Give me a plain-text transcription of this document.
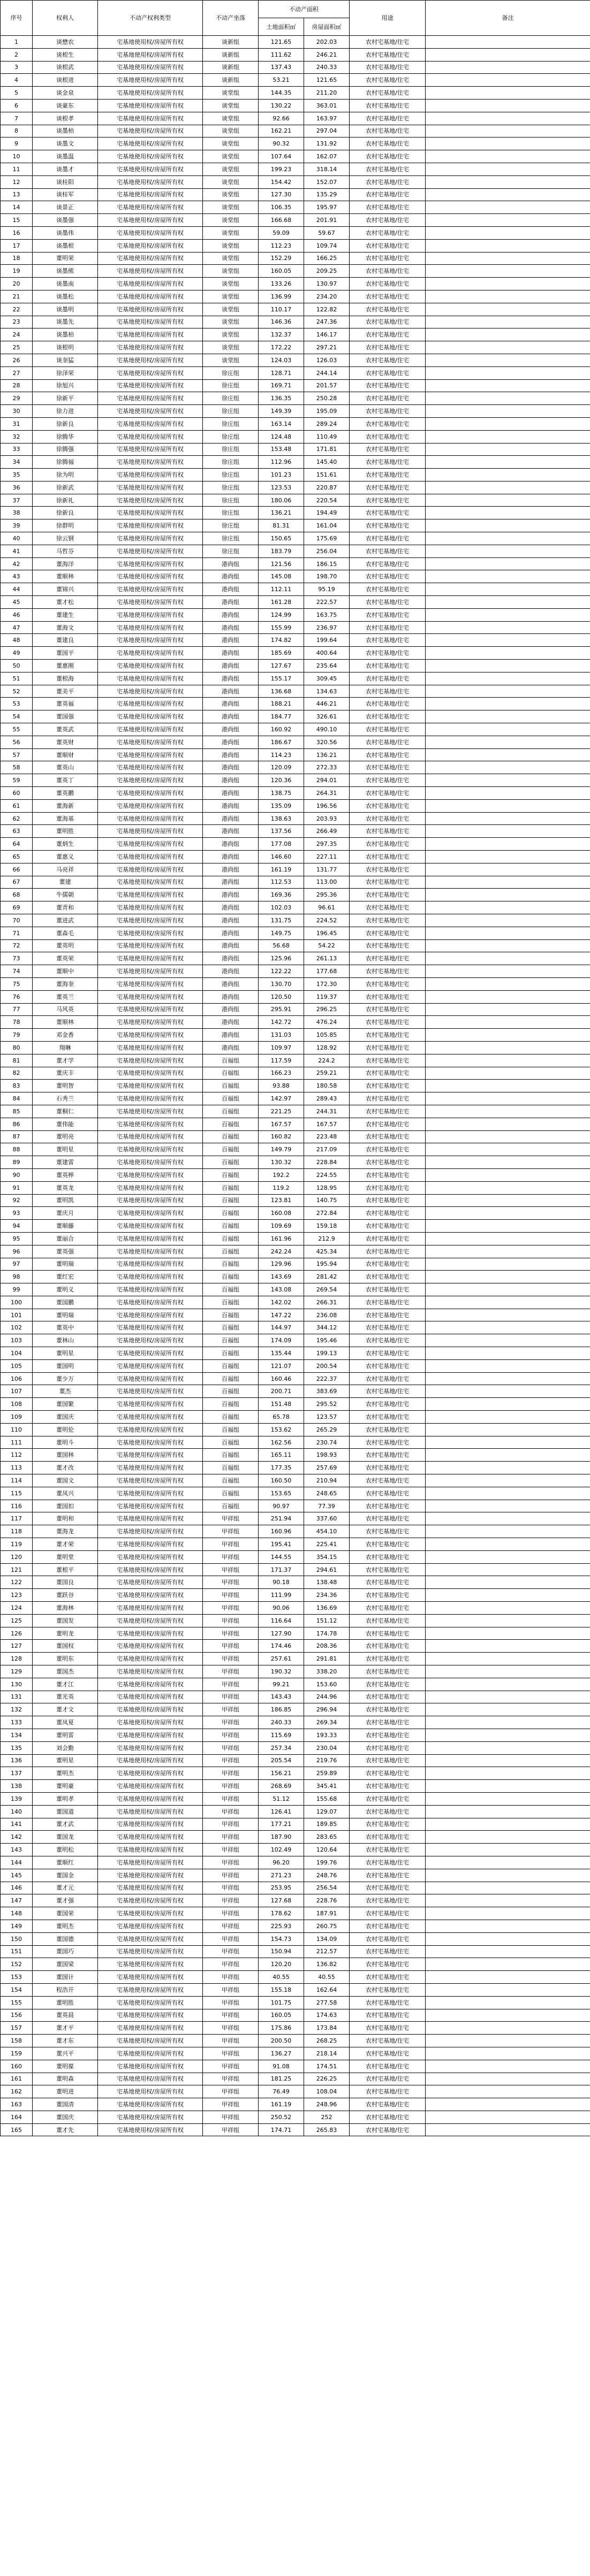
序号	权利人	不动产权利类型	不动产坐落	不动产面积		用途	备注
				土地面积㎡	房屋面积㎡		
1	谈懋农	宅基地使用权/房屋所有权	谈新组	121.65	202.03	农村宅基地/住宅	
2	谈根生	宅基地使用权/房屋所有权	谈新组	111.62	246.21	农村宅基地/住宅	
3	谈根武	宅基地使用权/房屋所有权	谈新组	137.43	240.33	农村宅基地/住宅	
4	谈根进	宅基地使用权/房屋所有权	谈新组	53.21	121.65	农村宅基地/住宅	
5	谈金泉	宅基地使用权/房屋所有权	谈堂组	144.35	211.20	农村宅基地/住宅	
6	谈豪东	宅基地使用权/房屋所有权	谈堂组	130.22	363.01	农村宅基地/住宅	
7	谈根孝	宅基地使用权/房屋所有权	谈堂组	92.66	163.97	农村宅基地/住宅	
8	谈墨柏	宅基地使用权/房屋所有权	谈堂组	162.21	297.04	农村宅基地/住宅	
9	谈墨文	宅基地使用权/房屋所有权	谈堂组	90.32	131.92	农村宅基地/住宅	
10	谈墨温	宅基地使用权/房屋所有权	谈堂组	107.64	162.07	农村宅基地/住宅	
11	谈墨才	宅基地使用权/房屋所有权	谈堂组	199.23	318.14	农村宅基地/住宅	
12	谈桂阳	宅基地使用权/房屋所有权	谈堂组	154.42	152.07	农村宅基地/住宅	
13	谈桂军	宅基地使用权/房屋所有权	谈堂组	127.30	135.29	农村宅基地/住宅	
14	谈景正	宅基地使用权/房屋所有权	谈堂组	106.35	195.97	农村宅基地/住宅	
15	谈墨强	宅基地使用权/房屋所有权	谈堂组	166.68	201.91	农村宅基地/住宅	
16	谈墨伟	宅基地使用权/房屋所有权	谈堂组	59.09	59.67	农村宅基地/住宅	
17	谈墨根	宅基地使用权/房屋所有权	谈堂组	112.23	109.74	农村宅基地/住宅	
18	董明荣	宅基地使用权/房屋所有权	谈堂组	152.29	166.25	农村宅基地/住宅	
19	谈墨熊	宅基地使用权/房屋所有权	谈堂组	160.05	209.25	农村宅基地/住宅	
20	谈墨南	宅基地使用权/房屋所有权	谈堂组	133.26	130.97	农村宅基地/住宅	
21	谈墨松	宅基地使用权/房屋所有权	谈堂组	136.99	234.20	农村宅基地/住宅	
22	谈墨明	宅基地使用权/房屋所有权	谈堂组	110.17	122.82	农村宅基地/住宅	
23	谈墨先	宅基地使用权/房屋所有权	谈堂组	146.36	247.36	农村宅基地/住宅	
24	谈墨柏	宅基地使用权/房屋所有权	谈堂组	132.37	146.17	农村宅基地/住宅	
25	谈根明	宅基地使用权/房屋所有权	谈堂组	172.22	297.21	农村宅基地/住宅	
26	谈奎猛	宅基地使用权/房屋所有权	谈堂组	124.03	126.03	农村宅基地/住宅	
27	徐泽荣	宅基地使用权/房屋所有权	徐庄组	128.71	244.14	农村宅基地/住宅	
28	徐旭兴	宅基地使用权/房屋所有权	徐庄组	169.71	201.57	农村宅基地/住宅	
29	徐新平	宅基地使用权/房屋所有权	徐庄组	136.35	250.28	农村宅基地/住宅	
30	徐力进	宅基地使用权/房屋所有权	徐庄组	149.39	195.09	农村宅基地/住宅	
31	徐新良	宅基地使用权/房屋所有权	徐庄组	163.14	289.24	农村宅基地/住宅	
32	徐腾华	宅基地使用权/房屋所有权	徐庄组	124.48	110.49	农村宅基地/住宅	
33	徐腾强	宅基地使用权/房屋所有权	徐庄组	153.48	171.81	农村宅基地/住宅	
34	徐腾福	宅基地使用权/房屋所有权	徐庄组	112.96	145.40	农村宅基地/住宅	
35	徐为明	宅基地使用权/房屋所有权	徐庄组	101.23	151.61	农村宅基地/住宅	
36	徐新武	宅基地使用权/房屋所有权	徐庄组	123.53	220.87	农村宅基地/住宅	
37	徐新礼	宅基地使用权/房屋所有权	徐庄组	180.06	220.54	农村宅基地/住宅	
38	徐新良	宅基地使用权/房屋所有权	徐庄组	136.21	194.49	农村宅基地/住宅	
39	徐群明	宅基地使用权/房屋所有权	徐庄组	81.31	161.04	农村宅基地/住宅	
40	徐云钢	宅基地使用权/房屋所有权	徐庄组	150.65	175.69	农村宅基地/住宅	
41	马哲芬	宅基地使用权/房屋所有权	徐庄组	183.79	256.04	农村宅基地/住宅	
42	董海洋	宅基地使用权/房屋所有权	港尚组	121.56	186.15	农村宅基地/住宅	
43	董顺林	宅基地使用权/房屋所有权	港尚组	145.08	198.70	农村宅基地/住宅	
44	董锦兴	宅基地使用权/房屋所有权	港尚组	112.11	95.19	农村宅基地/住宅	
45	董才松	宅基地使用权/房屋所有权	港尚组	161.28	222.57	农村宅基地/住宅	
46	董建生	宅基地使用权/房屋所有权	港尚组	124.99	163.75	农村宅基地/住宅	
47	董海文	宅基地使用权/房屋所有权	港尚组	155.99	236.97	农村宅基地/住宅	
48	董建良	宅基地使用权/房屋所有权	港尚组	174.82	199.64	农村宅基地/住宅	
49	董国平	宅基地使用权/房屋所有权	港尚组	185.69	400.64	农村宅基地/住宅	
50	董惠刚	宅基地使用权/房屋所有权	港尚组	127.67	235.64	农村宅基地/住宅	
51	董根海	宅基地使用权/房屋所有权	港尚组	155.17	309.45	农村宅基地/住宅	
52	董美平	宅基地使用权/房屋所有权	港尚组	136.68	134.63	农村宅基地/住宅	
53	董英福	宅基地使用权/房屋所有权	港尚组	188.21	446.21	农村宅基地/住宅	
54	董国强	宅基地使用权/房屋所有权	港尚组	184.77	326.61	农村宅基地/住宅	
55	董英武	宅基地使用权/房屋所有权	港尚组	160.92	490.10	农村宅基地/住宅	
56	董英财	宅基地使用权/房屋所有权	港尚组	186.67	320.56	农村宅基地/住宅	
57	董顺财	宅基地使用权/房屋所有权	港尚组	114.23	136.21	农村宅基地/住宅	
58	董英山	宅基地使用权/房屋所有权	港尚组	120.09	272.33	农村宅基地/住宅	
59	董英丁	宅基地使用权/房屋所有权	港尚组	120.36	294.01	农村宅基地/住宅	
60	董英鹏	宅基地使用权/房屋所有权	港尚组	138.75	264.31	农村宅基地/住宅	
61	董海新	宅基地使用权/房屋所有权	港尚组	135.09	196.56	农村宅基地/住宅	
62	董海基	宅基地使用权/房屋所有权	港尚组	138.63	203.93	农村宅基地/住宅	
63	董明胜	宅基地使用权/房屋所有权	港尚组	137.56	266.49	农村宅基地/住宅	
64	董炳生	宅基地使用权/房屋所有权	港尚组	177.08	297.35	农村宅基地/住宅	
65	董惠义	宅基地使用权/房屋所有权	港尚组	146.60	227.11	农村宅基地/住宅	
66	马亮祥	宅基地使用权/房屋所有权	港尚组	161.19	131.77	农村宅基地/住宅	
67	董建	宅基地使用权/房屋所有权	港尚组	112.53	113.00	农村宅基地/住宅	
68	牛儒朝	宅基地使用权/房屋所有权	港尚组	169.36	295.36	农村宅基地/住宅	
69	董青和	宅基地使用权/房屋所有权	港尚组	102.03	96.61	农村宅基地/住宅	
70	董进武	宅基地使用权/房屋所有权	港尚组	131.75	224.52	农村宅基地/住宅	
71	董森毛	宅基地使用权/房屋所有权	港尚组	149.75	196.45	农村宅基地/住宅	
72	董英明	宅基地使用权/房屋所有权	港尚组	56.68	54.22	农村宅基地/住宅	
73	董英荣	宅基地使用权/房屋所有权	港尚组	125.96	261.13	农村宅基地/住宅	
74	董顺中	宅基地使用权/房屋所有权	港尚组	122.22	177.68	农村宅基地/住宅	
75	董海奎	宅基地使用权/房屋所有权	港尚组	130.70	172.30	农村宅基地/住宅	
76	董英兰	宅基地使用权/房屋所有权	港尚组	120.50	119.37	农村宅基地/住宅	
77	马风英	宅基地使用权/房屋所有权	港尚组	295.91	296.25	农村宅基地/住宅	
78	董顺林	宅基地使用权/房屋所有权	港尚组	142.72	476.24	农村宅基地/住宅	
79	邓金香	宅基地使用权/房屋所有权	港尚组	131.03	105.85	农村宅基地/住宅	
80	翔琳	宅基地使用权/房屋所有权	港尚组	109.97	128.92	农村宅基地/住宅	
81	董才学	宅基地使用权/房屋所有权	百福组	117.59	224.2	农村宅基地/住宅	
82	董庆丰	宅基地使用权/房屋所有权	百福组	166.23	259.21	农村宅基地/住宅	
83	董明智	宅基地使用权/房屋所有权	百福组	93.88	180.58	农村宅基地/住宅	
84	石秀兰	宅基地使用权/房屋所有权	百福组	142.97	289.43	农村宅基地/住宅	
85	董桐仁	宅基地使用权/房屋所有权	百福组	221.25	244.31	农村宅基地/住宅	
86	董伟能	宅基地使用权/房屋所有权	百福组	167.57	167.57	农村宅基地/住宅	
87	董明亮	宅基地使用权/房屋所有权	百福组	160.82	223.48	农村宅基地/住宅	
88	董明星	宅基地使用权/房屋所有权	百福组	149.79	217.09	农村宅基地/住宅	
89	董建雷	宅基地使用权/房屋所有权	百福组	130.32	228.84	农村宅基地/住宅	
90	董英榉	宅基地使用权/房屋所有权	百福组	192.2	224.55	农村宅基地/住宅	
91	董英龙	宅基地使用权/房屋所有权	百福组	119.2	128.95	农村宅基地/住宅	
92	董明凯	宅基地使用权/房屋所有权	百福组	123.81	140.75	农村宅基地/住宅	
93	董庆月	宅基地使用权/房屋所有权	百福组	160.08	272.84	农村宅基地/住宅	
94	董顺藤	宅基地使用权/房屋所有权	百福组	109.69	159.18	农村宅基地/住宅	
95	董丽合	宅基地使用权/房屋所有权	百福组	161.96	212.9	农村宅基地/住宅	
96	董英强	宅基地使用权/房屋所有权	百福组	242.24	425.34	农村宅基地/住宅	
97	董明瑞	宅基地使用权/房屋所有权	百福组	129.96	195.94	农村宅基地/住宅	
98	董红宏	宅基地使用权/房屋所有权	百福组	143.69	281.42	农村宅基地/住宅	
99	董明义	宅基地使用权/房屋所有权	百福组	143.08	269.54	农村宅基地/住宅	
100	董国鹏	宅基地使用权/房屋所有权	百福组	142.02	266.31	农村宅基地/住宅	
101	董明瑞	宅基地使用权/房屋所有权	百福组	147.22	236.08	农村宅基地/住宅	
102	董英中	宅基地使用权/房屋所有权	百福组	144.97	344.12	农村宅基地/住宅	
103	董林山	宅基地使用权/房屋所有权	百福组	174.09	195.46	农村宅基地/住宅	
104	董明星	宅基地使用权/房屋所有权	百福组	135.44	199.13	农村宅基地/住宅	
105	董国明	宅基地使用权/房屋所有权	百福组	121.07	200.54	农村宅基地/住宅	
106	董少万	宅基地使用权/房屋所有权	百福组	160.46	222.37	农村宅基地/住宅	
107	董杰	宅基地使用权/房屋所有权	百福组	200.71	383.69	农村宅基地/住宅	
108	董国繁	宅基地使用权/房屋所有权	百福组	151.48	295.52	农村宅基地/住宅	
109	董国庆	宅基地使用权/房屋所有权	百福组	65.78	123.57	农村宅基地/住宅	
110	董明伦	宅基地使用权/房屋所有权	百福组	153.62	265.29	农村宅基地/住宅	
111	董明斗	宅基地使用权/房屋所有权	百福组	162.56	230.74	农村宅基地/住宅	
112	董国林	宅基地使用权/房屋所有权	百福组	165.11	198.93	农村宅基地/住宅	
113	董才改	宅基地使用权/房屋所有权	百福组	177.35	257.69	农村宅基地/住宅	
114	董国文	宅基地使用权/房屋所有权	百福组	160.50	210.94	农村宅基地/住宅	
115	董凤兴	宅基地使用权/房屋所有权	百福组	153.65	248.65	农村宅基地/住宅	
116	董国扣	宅基地使用权/房屋所有权	百福组	90.97	77.39	农村宅基地/住宅	
117	董明和	宅基地使用权/房屋所有权	甲祥组	251.94	337.60	农村宅基地/住宅	
118	董海龙	宅基地使用权/房屋所有权	甲祥组	160.96	454.10	农村宅基地/住宅	
119	董才荣	宅基地使用权/房屋所有权	甲祥组	195.41	225.41	农村宅基地/住宅	
120	董明堂	宅基地使用权/房屋所有权	甲祥组	144.55	354.15	农村宅基地/住宅	
121	董根平	宅基地使用权/房屋所有权	甲祥组	171.37	294.61	农村宅基地/住宅	
122	董国良	宅基地使用权/房屋所有权	甲祥组	90.18	138.48	农村宅基地/住宅	
123	董跃谷	宅基地使用权/房屋所有权	甲祥组	111.99	234.36	农村宅基地/住宅	
124	董海林	宅基地使用权/房屋所有权	甲祥组	90.06	136.69	农村宅基地/住宅	
125	董国发	宅基地使用权/房屋所有权	甲祥组	116.64	151.12	农村宅基地/住宅	
126	董明龙	宅基地使用权/房屋所有权	甲祥组	127.90	174.78	农村宅基地/住宅	
127	董国权	宅基地使用权/房屋所有权	甲祥组	174.46	208.36	农村宅基地/住宅	
128	董明东	宅基地使用权/房屋所有权	甲祥组	257.61	291.81	农村宅基地/住宅	
129	董国杰	宅基地使用权/房屋所有权	甲祥组	190.32	338.20	农村宅基地/住宅	
130	董才江	宅基地使用权/房屋所有权	甲祥组	99.21	153.60	农村宅基地/住宅	
131	董光英	宅基地使用权/房屋所有权	甲祥组	143.43	244.96	农村宅基地/住宅	
132	董才文	宅基地使用权/房屋所有权	甲祥组	186.85	296.94	农村宅基地/住宅	
133	董凤夏	宅基地使用权/房屋所有权	甲祥组	240.33	269.34	农村宅基地/住宅	
134	董明雷	宅基地使用权/房屋所有权	甲祥组	115.69	193.33	农村宅基地/住宅	
135	刘会勤	宅基地使用权/房屋所有权	甲祥组	257.34	230.04	农村宅基地/住宅	
136	董明星	宅基地使用权/房屋所有权	甲祥组	205.54	219.76	农村宅基地/住宅	
137	董明杰	宅基地使用权/房屋所有权	甲祥组	156.21	259.89	农村宅基地/住宅	
138	董明豪	宅基地使用权/房屋所有权	甲祥组	268.69	345.41	农村宅基地/住宅	
139	董明孝	宅基地使用权/房屋所有权	甲祥组	51.12	155.68	农村宅基地/住宅	
140	董国道	宅基地使用权/房屋所有权	甲祥组	126.41	129.07	农村宅基地/住宅	
141	董才武	宅基地使用权/房屋所有权	甲祥组	177.21	189.85	农村宅基地/住宅	
142	董国龙	宅基地使用权/房屋所有权	甲祥组	187.90	283.65	农村宅基地/住宅	
143	董明松	宅基地使用权/房屋所有权	甲祥组	102.49	120.64	农村宅基地/住宅	
144	董顺红	宅基地使用权/房屋所有权	甲祥组	96.20	199.76	农村宅基地/住宅	
145	董国金	宅基地使用权/房屋所有权	甲祥组	271.23	248.76	农村宅基地/住宅	
146	董才元	宅基地使用权/房屋所有权	甲祥组	253.95	256.54	农村宅基地/住宅	
147	董才强	宅基地使用权/房屋所有权	甲祥组	127.68	228.76	农村宅基地/住宅	
148	董国荣	宅基地使用权/房屋所有权	甲祥组	178.62	187.91	农村宅基地/住宅	
149	董明杰	宅基地使用权/房屋所有权	甲祥组	225.93	260.75	农村宅基地/住宅	
150	董国德	宅基地使用权/房屋所有权	甲祥组	154.73	134.09	农村宅基地/住宅	
151	董国巧	宅基地使用权/房屋所有权	甲祥组	150.94	212.57	农村宅基地/住宅	
152	董国梁	宅基地使用权/房屋所有权	甲祥组	120.20	136.82	农村宅基地/住宅	
153	董国计	宅基地使用权/房屋所有权	甲祥组	40.55	40.55	农村宅基地/住宅	
154	程浩开	宅基地使用权/房屋所有权	甲祥组	155.18	162.64	农村宅基地/住宅	
155	董明胜	宅基地使用权/房屋所有权	甲祥组	101.75	277.58	农村宅基地/住宅	
156	董英晨	宅基地使用权/房屋所有权	甲祥组	160.05	174.63	农村宅基地/住宅	
157	董才平	宅基地使用权/房屋所有权	甲祥组	175.86	173.84	农村宅基地/住宅	
158	董才东	宅基地使用权/房屋所有权	甲祥组	200.50	268.25	农村宅基地/住宅	
159	董兴平	宅基地使用权/房屋所有权	甲祥组	136.27	218.14	农村宅基地/住宅	
160	董明葆	宅基地使用权/房屋所有权	甲祥组	91.08	174.51	农村宅基地/住宅	
161	董明森	宅基地使用权/房屋所有权	甲祥组	181.25	226.25	农村宅基地/住宅	
162	董明进	宅基地使用权/房屋所有权	甲祥组	76.49	108.04	农村宅基地/住宅	
163	董国清	宅基地使用权/房屋所有权	甲祥组	161.19	248.96	农村宅基地/住宅	
164	董国庆	宅基地使用权/房屋所有权	甲祥组	250.52	252	农村宅基地/住宅	
165	董才先	宅基地使用权/房屋所有权	甲祥组	174.71	265.83	农村宅基地/住宅	
